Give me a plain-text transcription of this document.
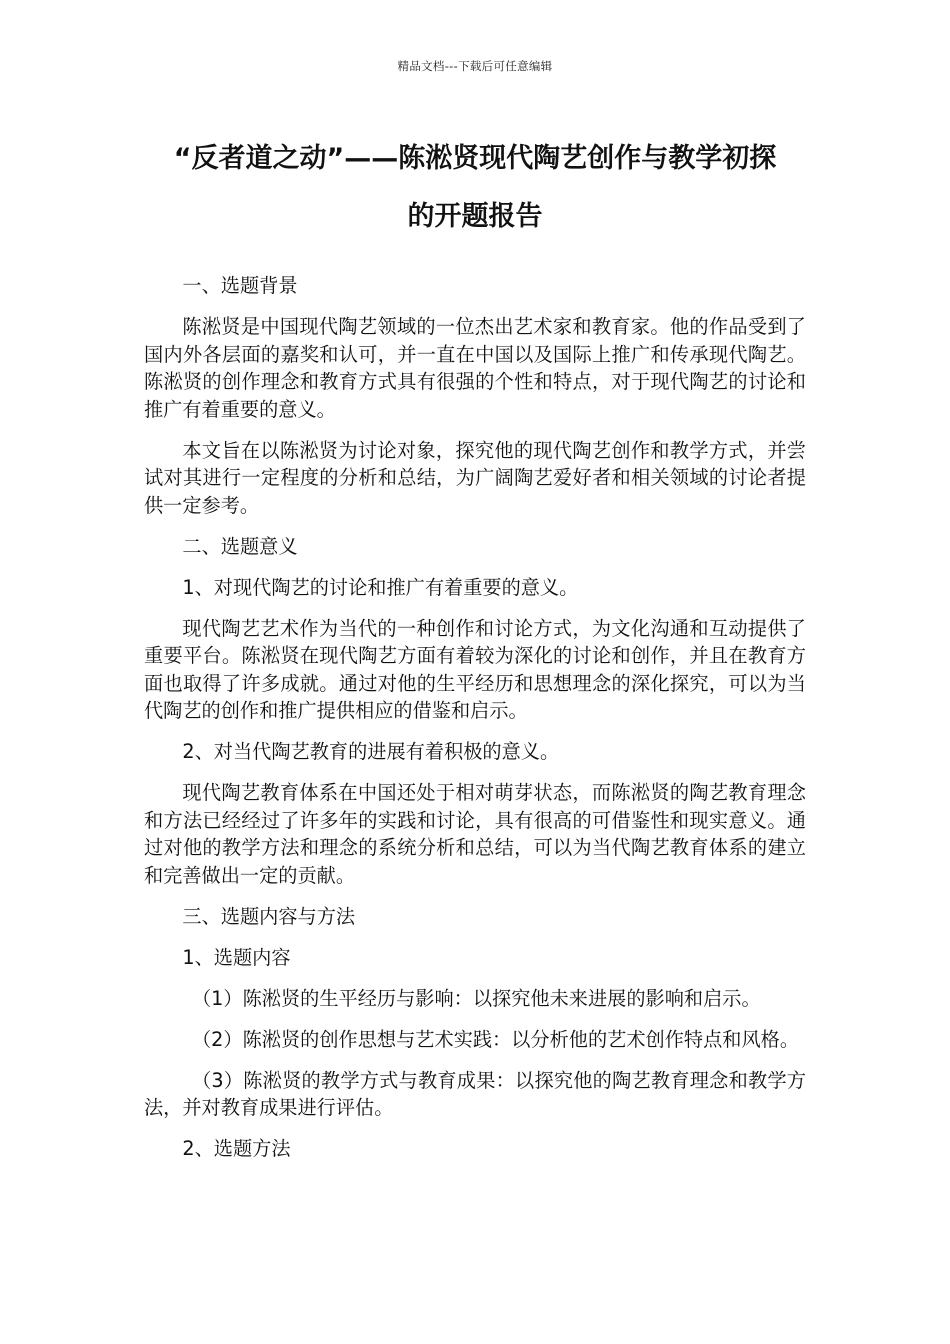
精品文档---下载后可任意编辑
“反者道之动”——陈淞贤现代陶艺创作与教学初探
的开题报告

一、选题背景

陈淞贤是中国现代陶艺领域的一位杰出艺术家和教育家。他的作品受到了国内外各层面的嘉奖和认可，并一直在中国以及国际上推广和传承现代陶艺。陈淞贤的创作理念和教育方式具有很强的个性和特点，对于现代陶艺的讨论和推广有着重要的意义。

本文旨在以陈淞贤为讨论对象，探究他的现代陶艺创作和教学方式，并尝试对其进行一定程度的分析和总结，为广阔陶艺爱好者和相关领域的讨论者提供一定参考。

二、选题意义

1、对现代陶艺的讨论和推广有着重要的意义。

现代陶艺艺术作为当代的一种创作和讨论方式，为文化沟通和互动提供了重要平台。陈淞贤在现代陶艺方面有着较为深化的讨论和创作，并且在教育方面也取得了许多成就。通过对他的生平经历和思想理念的深化探究，可以为当代陶艺的创作和推广提供相应的借鉴和启示。

2、对当代陶艺教育的进展有着积极的意义。

现代陶艺教育体系在中国还处于相对萌芽状态，而陈淞贤的陶艺教育理念和方法已经经过了许多年的实践和讨论，具有很高的可借鉴性和现实意义。通过对他的教学方法和理念的系统分析和总结，可以为当代陶艺教育体系的建立和完善做出一定的贡献。

三、选题内容与方法

1、选题内容

（1）陈淞贤的生平经历与影响：以探究他未来进展的影响和启示。

（2）陈淞贤的创作思想与艺术实践：以分析他的艺术创作特点和风格。

（3）陈淞贤的教学方式与教育成果：以探究他的陶艺教育理念和教学方法，并对教育成果进行评估。

2、选题方法
